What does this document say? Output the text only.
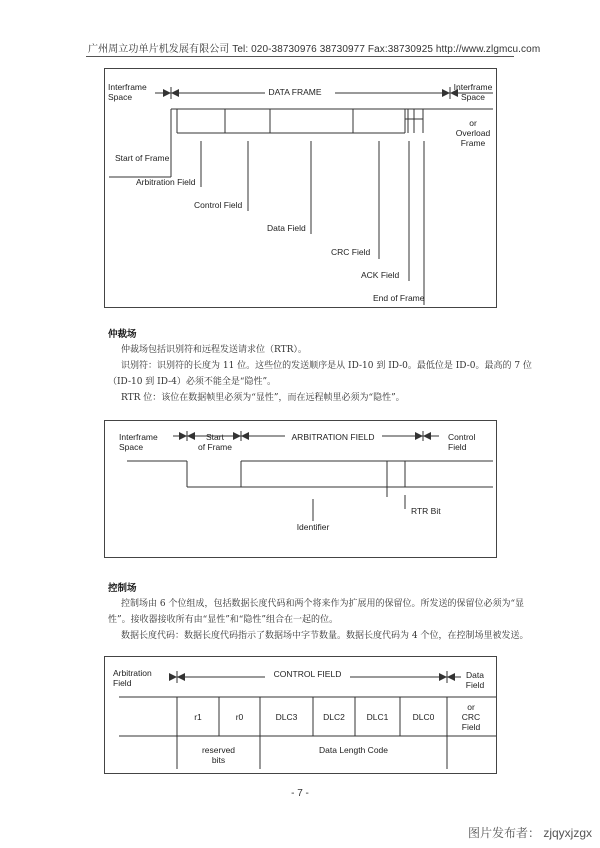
广州周立功单片机发展有限公司 Tel: 020-38730976 38730977 Fax:38730925 http://www.zlgmcu.com
Interframe
Space	DATA FRAME	Interframe
Space
or
Overload
Frame
Start of Frame
Arbitration Field
Control Field
Data Field
CRC Field
ACK Field
End of Frame
仲裁场
仲裁场包括识别符和远程发送请求位（RTR）。
识别符：识别符的长度为 11 位。这些位的发送顺序是从 ID-10 到 ID-0。最低位是 ID-0。最高的 7 位
（ID-10 到 ID-4）必须不能全是“隐性”。
RTR 位：该位在数据帧里必须为“显性”，而在远程帧里必须为“隐性”。
Interframe
Space
Start
of Frame
ARBITRATION FIELD	Control
Field
Identifier
RTR Bit
控制场
控制场由 6 个位组成，包括数据长度代码和两个将来作为扩展用的保留位。所发送的保留位必须为“显
性”。接收器接收所有由“显性”和“隐性”组合在一起的位。
数据长度代码：数据长度代码指示了数据场中字节数量。数据长度代码为 4 个位，在控制场里被发送。
Arbitration
Field
CONTROL FIELD	Data
Field
or
CRC
Field
r1	r0	DLC3	DLC2	DLC1	DLC0
reserved
bits
Data Length Code
- 7 -
图片发布者： zjqyxjzgx
